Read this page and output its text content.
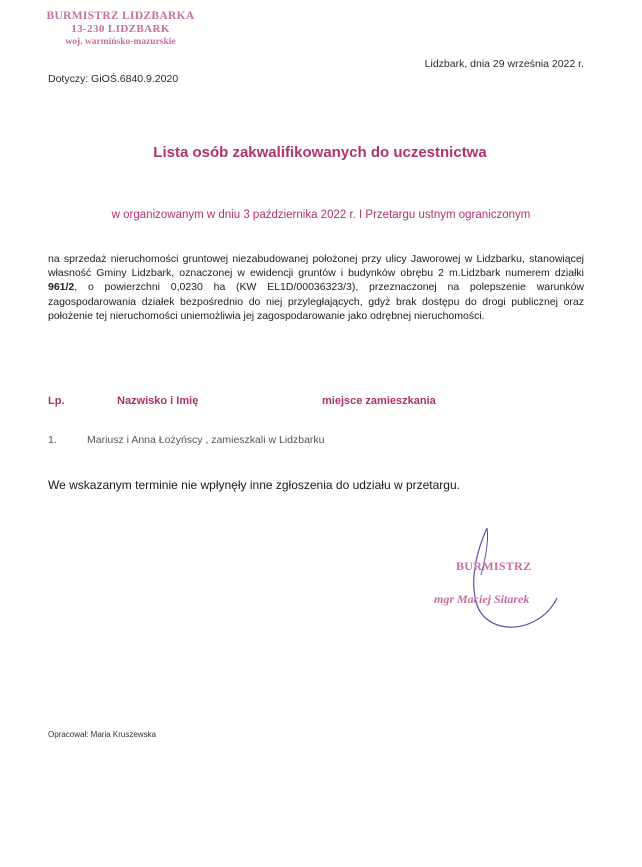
BURMISTRZ LIDZBARKA
13-230 LIDZBARK
woj. warmińsko-mazurskie
Lidzbark, dnia 29 września 2022 r.
Dotyczy: GiOŚ.6840.9.2020
Lista osób zakwalifikowanych do uczestnictwa
w organizowanym w dniu 3 października 2022 r. I Przetargu ustnym ograniczonym
na sprzedaż nieruchomości gruntowej niezabudowanej położonej przy ulicy Jaworowej w Lidzbarku, stanowiącej własność Gminy Lidzbark, oznaczonej w ewidencji gruntów i budynków obrębu 2 m.Lidzbark numerem działki 961/2, o powierzchni 0,0230 ha (KW EL1D/00036323/3), przeznaczonej na polepszenie warunków zagospodarowania działek bezpośrednio do niej przyległających, gdyż brak dostępu do drogi publicznej oraz położenie tej nieruchomości uniemożliwia jej zagospodarowanie jako odrębnej nieruchomości.
Lp.	Nazwisko i Imię	miejsce zamieszkania
1.	Mariusz i Anna Łożyńscy , zamieszkali w Lidzbarku
We wskazanym terminie nie wpłynęły inne zgłoszenia do udziału w przetargu.
BURMISTRZ
mgr Maciej Sitarek
Opracował: Maria Kruszewska
